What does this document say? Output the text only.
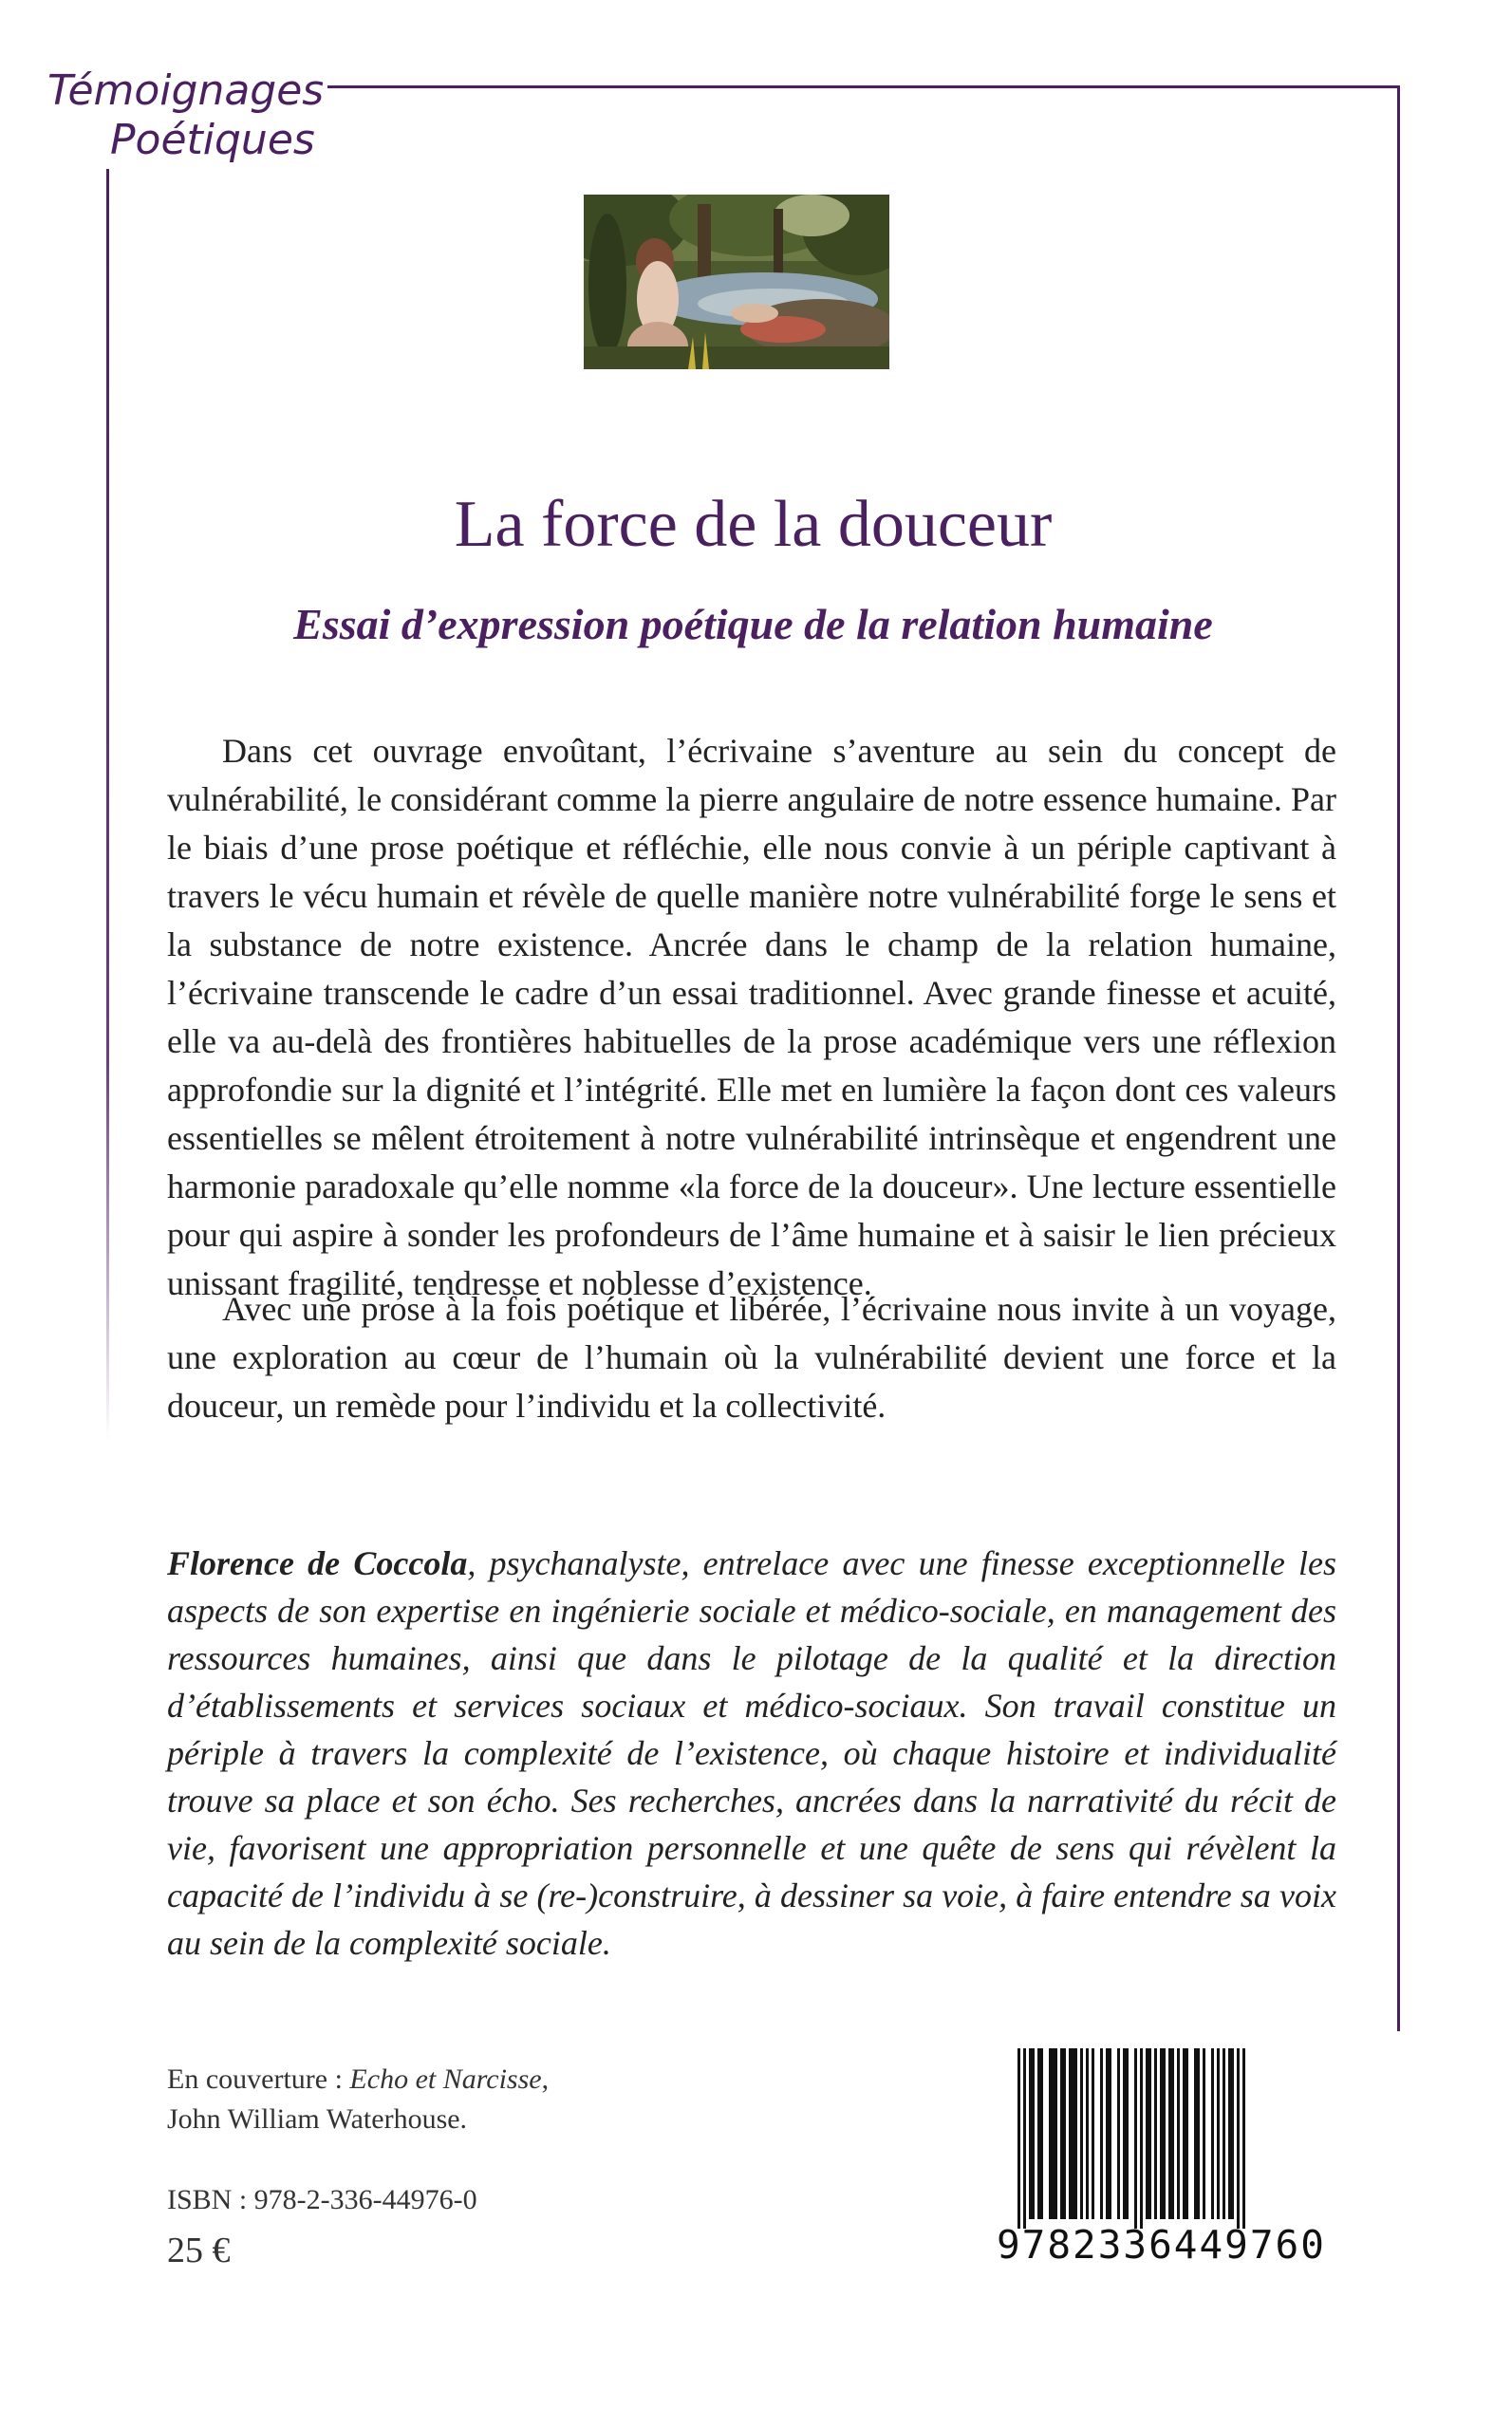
Témoignages
Poétiques
La force de la douceur
Essai d’expression poétique de la relation humaine

Dans cet ouvrage envoûtant, l’écrivaine s’aventure au sein du concept de vulnérabilité, le considérant comme la pierre angulaire de notre essence humaine. Par le biais d’une prose poétique et réfléchie, elle nous convie à un périple captivant à travers le vécu humain et révèle de quelle manière notre vulnérabilité forge le sens et la substance de notre existence. Ancrée dans le champ de la relation humaine, l’écrivaine transcende le cadre d’un essai traditionnel. Avec grande finesse et acuité, elle va au-delà des frontières habituelles de la prose académique vers une réflexion approfondie sur la dignité et l’intégrité. Elle met en lumière la façon dont ces valeurs essentielles se mêlent étroitement à notre vulnérabilité intrinsèque et engendrent une harmonie paradoxale qu’elle nomme «la force de la douceur». Une lecture essentielle pour qui aspire à sonder les profondeurs de l’âme humaine et à saisir le lien précieux unissant fragilité, tendresse et noblesse d’existence.

Avec une prose à la fois poétique et libérée, l’écrivaine nous invite à un voyage, une exploration au cœur de l’humain où la vulnérabilité devient une force et la douceur, un remède pour l’individu et la collectivité.

Florence de Coccola, psychanalyste, entrelace avec une finesse exceptionnelle les aspects de son expertise en ingénierie sociale et médico-sociale, en management des ressources humaines, ainsi que dans le pilotage de la qualité et la direction d’établissements et services sociaux et médico-sociaux. Son travail constitue un périple à travers la complexité de l’existence, où chaque histoire et individualité trouve sa place et son écho. Ses recherches, ancrées dans la narrativité du récit de vie, favorisent une appropriation personnelle et une quête de sens qui révèlent la capacité de l’individu à se (re-)construire, à dessiner sa voie, à faire entendre sa voix au sein de la complexité sociale.

En couverture : Echo et Narcisse,
John William Waterhouse.
ISBN : 978-2-336-44976-0
25 €	9782336449760
